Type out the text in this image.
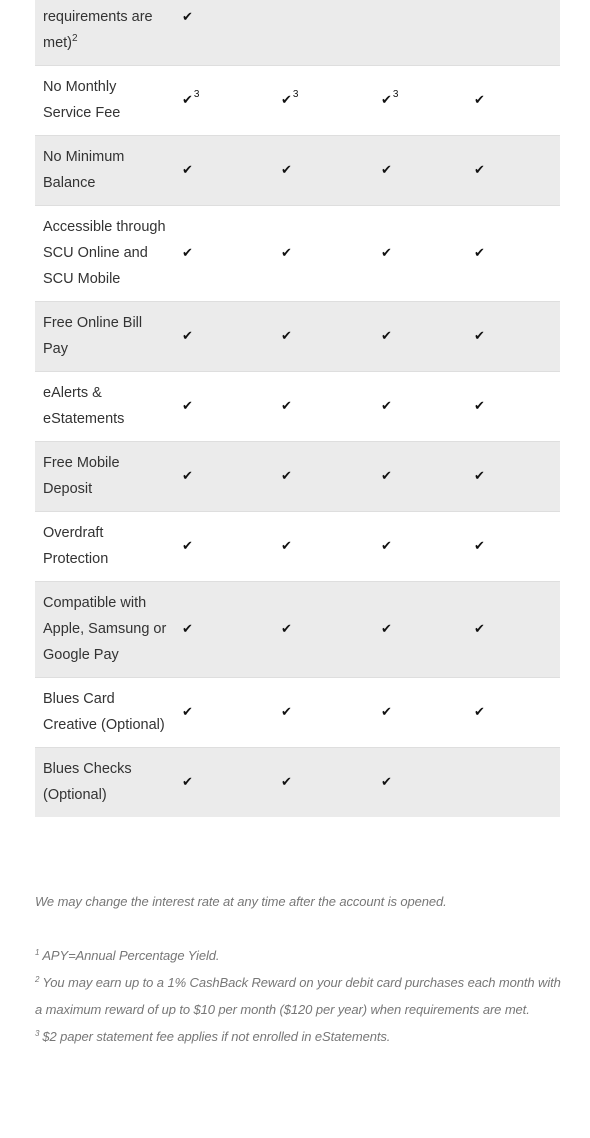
requirements are met)$^2$	✔			
No Monthly Service Fee	✔$^3$	✔$^3$	✔$^3$	✔
No Minimum Balance	✔	✔	✔	✔
Accessible through SCU Online and SCU Mobile	✔	✔	✔	✔
Free Online Bill Pay	✔	✔	✔	✔
eAlerts & eStatements	✔	✔	✔	✔
Free Mobile Deposit	✔	✔	✔	✔
Overdraft Protection	✔	✔	✔	✔
Compatible with Apple, Samsung or Google Pay	✔	✔	✔	✔
Blues Card Creative (Optional)	✔	✔	✔	✔
Blues Checks (Optional)	✔	✔	✔	

We may change the interest rate at any time after the account is opened.

$^1$ APY=Annual Percentage Yield.

$^2$ You may earn up to a 1% CashBack Reward on your debit card purchases each month with a maximum reward of up to $10 per month ($120 per year) when requirements are met.

$^3$ $2 paper statement fee applies if not enrolled in eStatements.
